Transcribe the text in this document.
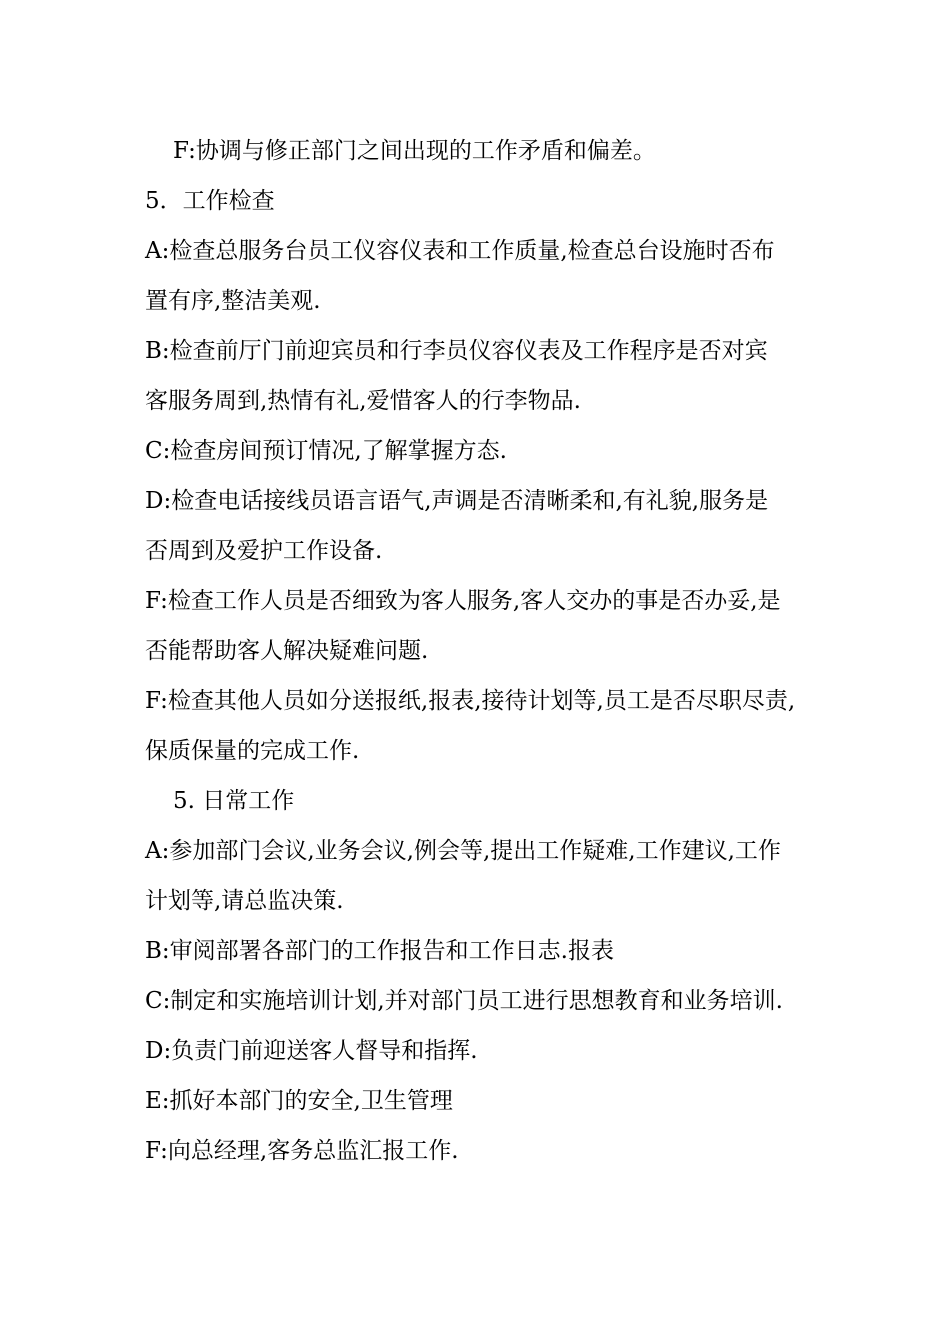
F:协调与修正部门之间出现的工作矛盾和偏差。
5．工作检查
A:检查总服务台员工仪容仪表和工作质量,检查总台设施时否布
置有序,整洁美观.
B:检查前厅门前迎宾员和行李员仪容仪表及工作程序是否对宾
客服务周到,热情有礼,爱惜客人的行李物品.
C:检查房间预订情况,了解掌握方态.
D:检查电话接线员语言语气,声调是否清晰柔和,有礼貌,服务是
否周到及爱护工作设备.
F:检查工作人员是否细致为客人服务,客人交办的事是否办妥,是
否能帮助客人解决疑难问题.
F:检查其他人员如分送报纸,报表,接待计划等,员工是否尽职尽责,
保质保量的完成工作.
5. 日常工作
A:参加部门会议,业务会议,例会等,提出工作疑难,工作建议,工作
计划等,请总监决策.
B:审阅部署各部门的工作报告和工作日志.报表
C:制定和实施培训计划,并对部门员工进行思想教育和业务培训.
D:负责门前迎送客人督导和指挥.
E:抓好本部门的安全,卫生管理
F:向总经理,客务总监汇报工作.
